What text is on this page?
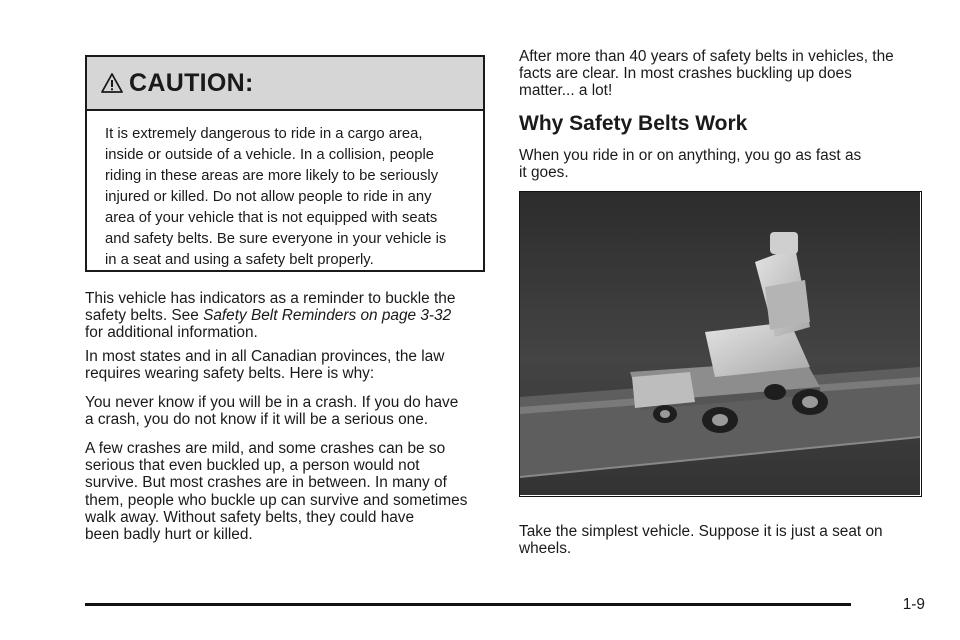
CAUTION:
It is extremely dangerous to ride in a cargo area,
inside or outside of a vehicle. In a collision, people
riding in these areas are more likely to be seriously
injured or killed. Do not allow people to ride in any
area of your vehicle that is not equipped with seats
and safety belts. Be sure everyone in your vehicle is
in a seat and using a safety belt properly.
This vehicle has indicators as a reminder to buckle the
safety belts. See Safety Belt Reminders on page 3-32
for additional information.
In most states and in all Canadian provinces, the law
requires wearing safety belts. Here is why:
You never know if you will be in a crash. If you do have
a crash, you do not know if it will be a serious one.
A few crashes are mild, and some crashes can be so
serious that even buckled up, a person would not
survive. But most crashes are in between. In many of
them, people who buckle up can survive and sometimes
walk away. Without safety belts, they could have
been badly hurt or killed.
After more than 40 years of safety belts in vehicles, the
facts are clear. In most crashes buckling up does
matter... a lot!
Why Safety Belts Work
When you ride in or on anything, you go as fast as
it goes.
Take the simplest vehicle. Suppose it is just a seat on
wheels.
1-9
